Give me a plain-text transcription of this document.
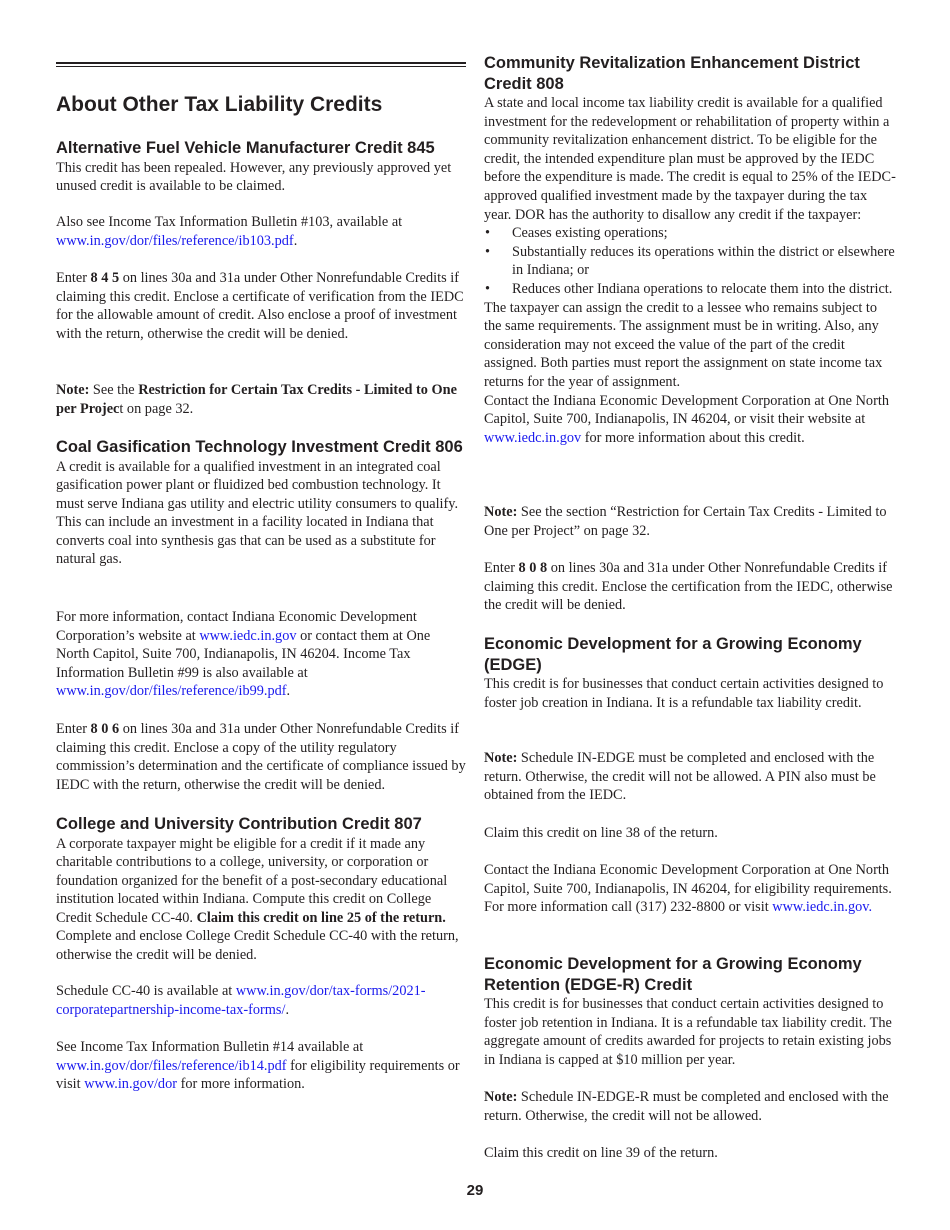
About Other Tax Liability Credits
Alternative Fuel Vehicle Manufacturer Credit 845

This credit has been repealed. However, any previously approved yet unused credit is available to be claimed.

Also see Income Tax Information Bulletin #103, available at www.in.gov/dor/files/reference/ib103.pdf.

Enter 8 4 5 on lines 30a and 31a under Other Nonrefundable Credits if claiming this credit. Enclose a certificate of verification from the IEDC for the allowable amount of credit. Also enclose a proof of investment with the return, otherwise the credit will be denied.

Note: See the Restriction for Certain Tax Credits - Limited to One per Project on page 32.

Coal Gasification Technology Investment Credit 806

A credit is available for a qualified investment in an integrated coal gasification power plant or fluidized bed combustion technology. It must serve Indiana gas utility and electric utility consumers to qualify. This can include an investment in a facility located in Indiana that converts coal into synthesis gas that can be used as a substitute for natural gas.

For more information, contact Indiana Economic Development Corporation’s website at www.iedc.in.gov or contact them at One North Capitol, Suite 700, Indianapolis, IN 46204. Income Tax Information Bulletin #99 is also available at www.in.gov/dor/files/reference/ib99.pdf.

Enter 8 0 6 on lines 30a and 31a under Other Nonrefundable Credits if claiming this credit. Enclose a copy of the utility regulatory commission’s determination and the certificate of compliance issued by IEDC with the return, otherwise the credit will be denied.

College and University Contribution Credit 807

A corporate taxpayer might be eligible for a credit if it made any charitable contributions to a college, university, or corporation or foundation organized for the benefit of a post-secondary educational institution located within Indiana. Compute this credit on College Credit Schedule CC-40. Claim this credit on line 25 of the return. Complete and enclose College Credit Schedule CC-40 with the return, otherwise the credit will be denied.

Schedule CC-40 is available at www.in.gov/dor/tax-forms/2021-corporatepartnership-income-tax-forms/.

See Income Tax Information Bulletin #14 available at www.in.gov/dor/files/reference/ib14.pdf for eligibility requirements or visit www.in.gov/dor for more information.

Community Revitalization Enhancement District Credit 808

A state and local income tax liability credit is available for a qualified investment for the redevelopment or rehabilitation of property within a community revitalization enhancement district. To be eligible for the credit, the intended expenditure plan must be approved by the IEDC before the expenditure is made. The credit is equal to 25% of the IEDC-approved qualified investment made by the taxpayer during the tax year. DOR has the authority to disallow any credit if the taxpayer:

• Ceases existing operations;
• Substantially reduces its operations within the district or elsewhere in Indiana; or
• Reduces other Indiana operations to relocate them into the district.

The taxpayer can assign the credit to a lessee who remains subject to the same requirements. The assignment must be in writing. Also, any consideration may not exceed the value of the part of the credit assigned. Both parties must report the assignment on state income tax returns for the year of assignment.

Contact the Indiana Economic Development Corporation at One North Capitol, Suite 700, Indianapolis, IN 46204, or visit their website at www.iedc.in.gov for more information about this credit.

Note: See the section “Restriction for Certain Tax Credits - Limited to One per Project” on page 32.

Enter 8 0 8 on lines 30a and 31a under Other Nonrefundable Credits if claiming this credit. Enclose the certification from the IEDC, otherwise the credit will be denied.

Economic Development for a Growing Economy (EDGE)

This credit is for businesses that conduct certain activities designed to foster job creation in Indiana. It is a refundable tax liability credit.

Note: Schedule IN-EDGE must be completed and enclosed with the return. Otherwise, the credit will not be allowed. A PIN also must be obtained from the IEDC.

Claim this credit on line 38 of the return.

Contact the Indiana Economic Development Corporation at One North Capitol, Suite 700, Indianapolis, IN 46204, for eligibility requirements. For more information call (317) 232-8800 or visit www.iedc.in.gov.

Economic Development for a Growing Economy Retention (EDGE-R) Credit

This credit is for businesses that conduct certain activities designed to foster job retention in Indiana. It is a refundable tax liability credit. The aggregate amount of credits awarded for projects to retain existing jobs in Indiana is capped at $10 million per year.

Note: Schedule IN-EDGE-R must be completed and enclosed with the return. Otherwise, the credit will not be allowed.

Claim this credit on line 39 of the return.

29
